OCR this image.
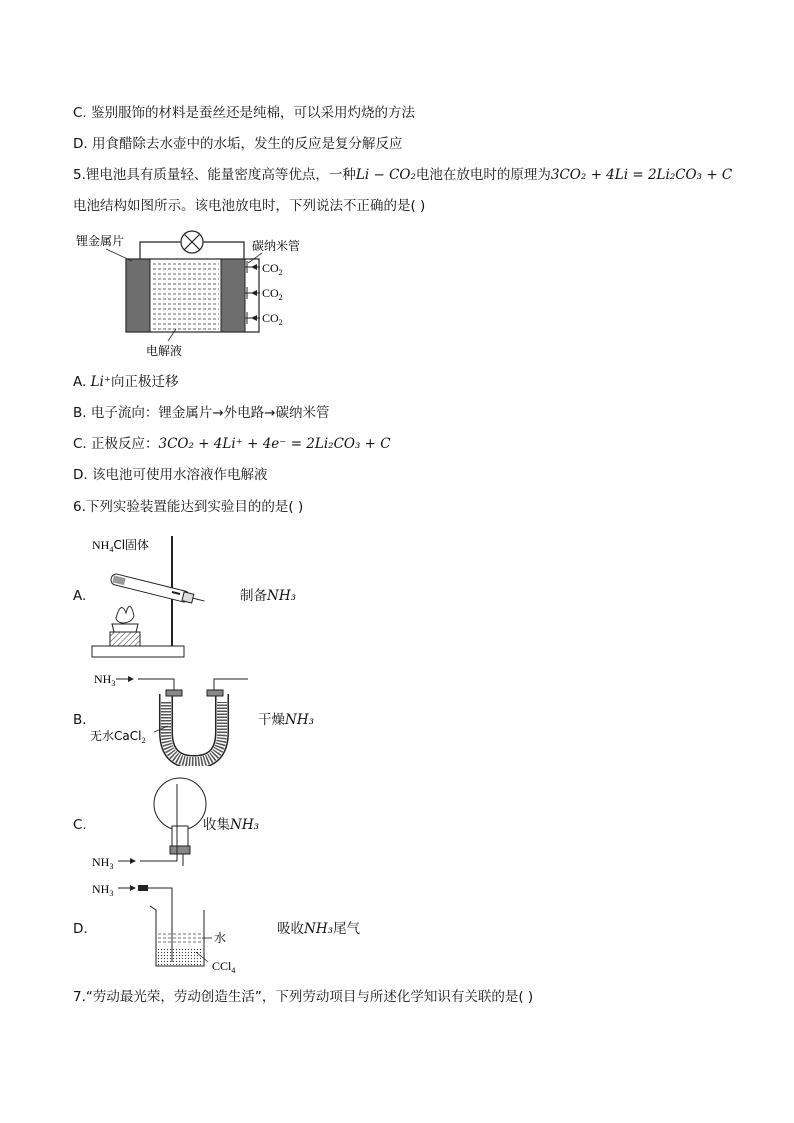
C. 鉴别服饰的材料是蚕丝还是纯棉，可以采用灼烧的方法
D. 用食醋除去水壶中的水垢，发生的反应是复分解反应
5.锂电池具有质量轻、能量密度高等优点，一种Li − CO₂电池在放电时的原理为3CO₂ + 4Li = 2Li₂CO₃ + C
电池结构如图所示。该电池放电时，下列说法不正确的是( )
锂金属片	碳纳米管
$CO_2$
$CO_2$
$CO_2$
电解液
A. Li⁺向正极迁移
B. 电子流向：锂金属片→外电路→碳纳米管
C. 正极反应：3CO₂ + 4Li⁺ + 4e⁻ = 2Li₂CO₃ + C
D. 该电池可使用水溶液作电解液
6.下列实验装置能达到实验目的的是( )
A.
$NH_4Cl$固体
制备NH₃
B.
$NH_3$
无水CaCl$_2$
干燥NH₃
C.
$NH_3$
收集NH₃
D.
$NH_3$
水
CCl$_4$
吸收NH₃尾气
7.“劳动最光荣，劳动创造生活”，下列劳动项目与所述化学知识有关联的是( )
